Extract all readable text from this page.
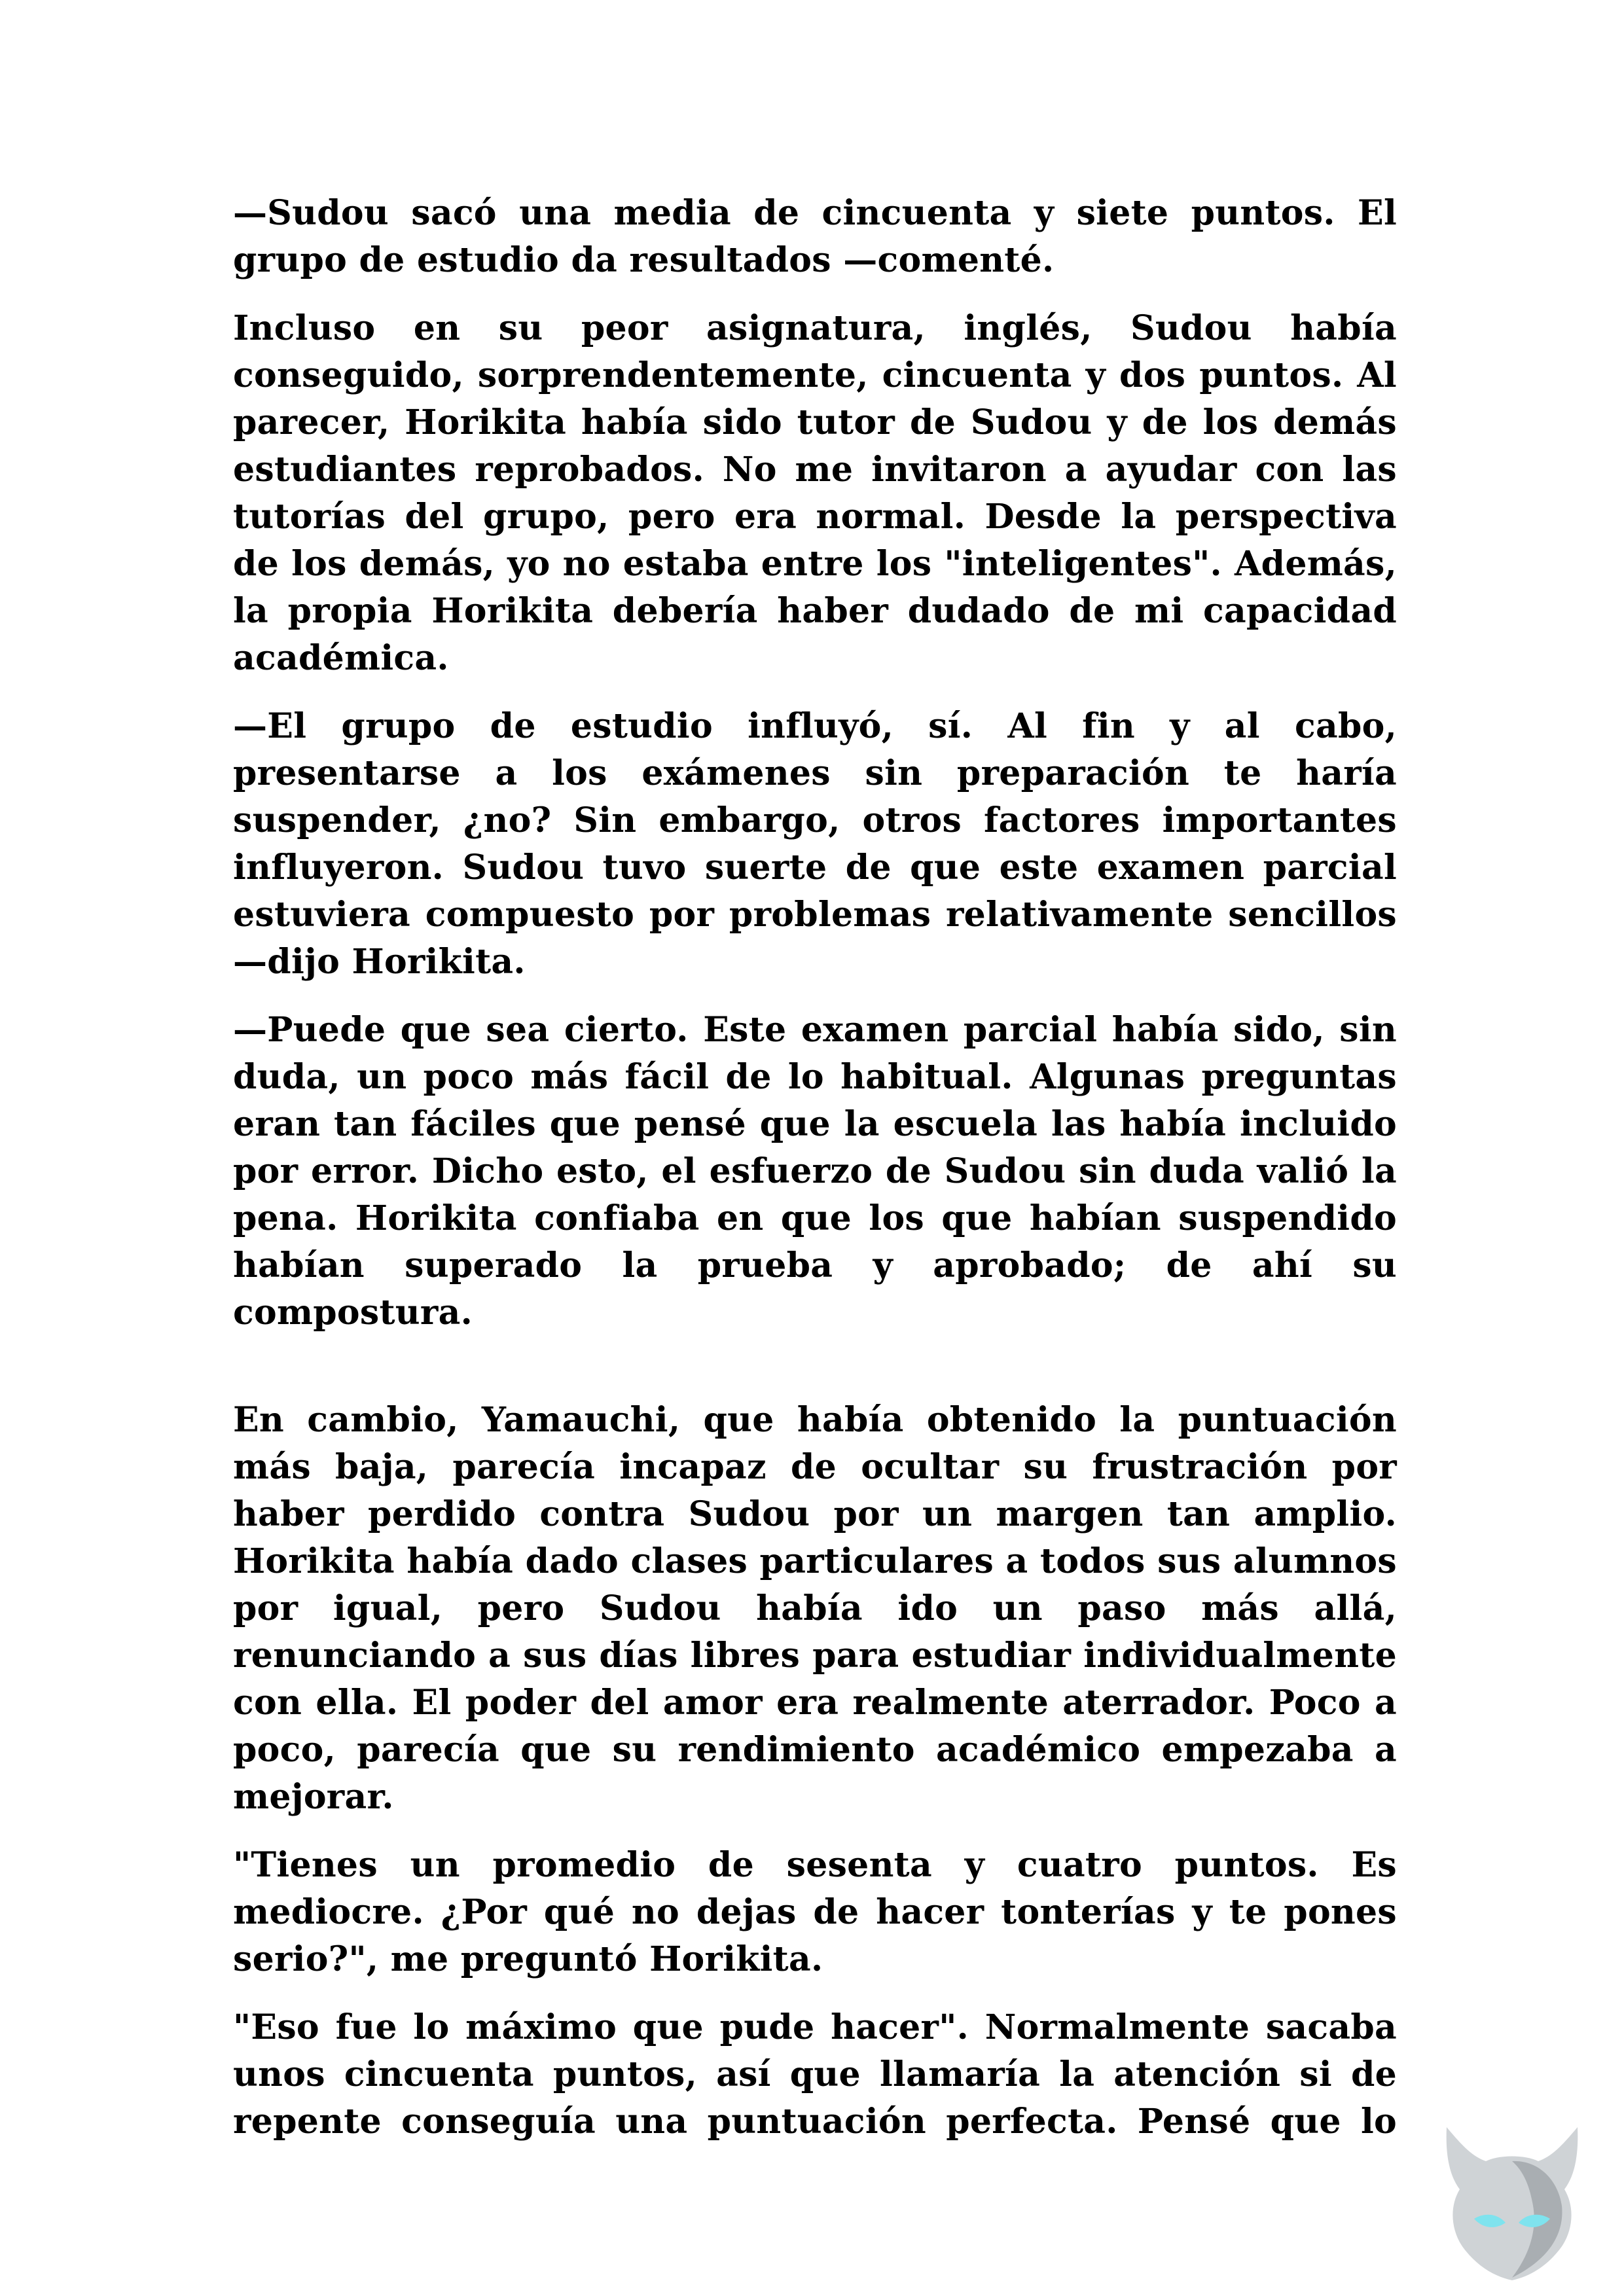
—Sudou sacó una media de cincuenta y siete puntos. El grupo de estudio da resultados —comenté.

Incluso en su peor asignatura, inglés, Sudou había conseguido, sorprendentemente, cincuenta y dos puntos. Al parecer, Horikita había sido tutor de Sudou y de los demás estudiantes reprobados. No me invitaron a ayudar con las tutorías del grupo, pero era normal. Desde la perspectiva de los demás, yo no estaba entre los "inteligentes". Además, la propia Horikita debería haber dudado de mi capacidad académica.

—El grupo de estudio influyó, sí. Al fin y al cabo, presentarse a los exámenes sin preparación te haría suspender, ¿no? Sin embargo, otros factores importantes influyeron. Sudou tuvo suerte de que este examen parcial estuviera compuesto por problemas relativamente sencillos —dijo Horikita.

—Puede que sea cierto. Este examen parcial había sido, sin duda, un poco más fácil de lo habitual. Algunas preguntas eran tan fáciles que pensé que la escuela las había incluido por error. Dicho esto, el esfuerzo de Sudou sin duda valió la pena. Horikita confiaba en que los que habían suspendido habían superado la prueba y aprobado; de ahí su compostura.

En cambio, Yamauchi, que había obtenido la puntuación más baja, parecía incapaz de ocultar su frustración por haber perdido contra Sudou por un margen tan amplio. Horikita había dado clases particulares a todos sus alumnos por igual, pero Sudou había ido un paso más allá, renunciando a sus días libres para estudiar individualmente con ella. El poder del amor era realmente aterrador. Poco a poco, parecía que su rendimiento académico empezaba a mejorar.

"Tienes un promedio de sesenta y cuatro puntos. Es mediocre. ¿Por qué no dejas de hacer tonterías y te pones serio?", me preguntó Horikita.

"Eso fue lo máximo que pude hacer". Normalmente sacaba unos cincuenta puntos, así que llamaría la atención si de repente conseguía una puntuación perfecta. Pensé que lo
